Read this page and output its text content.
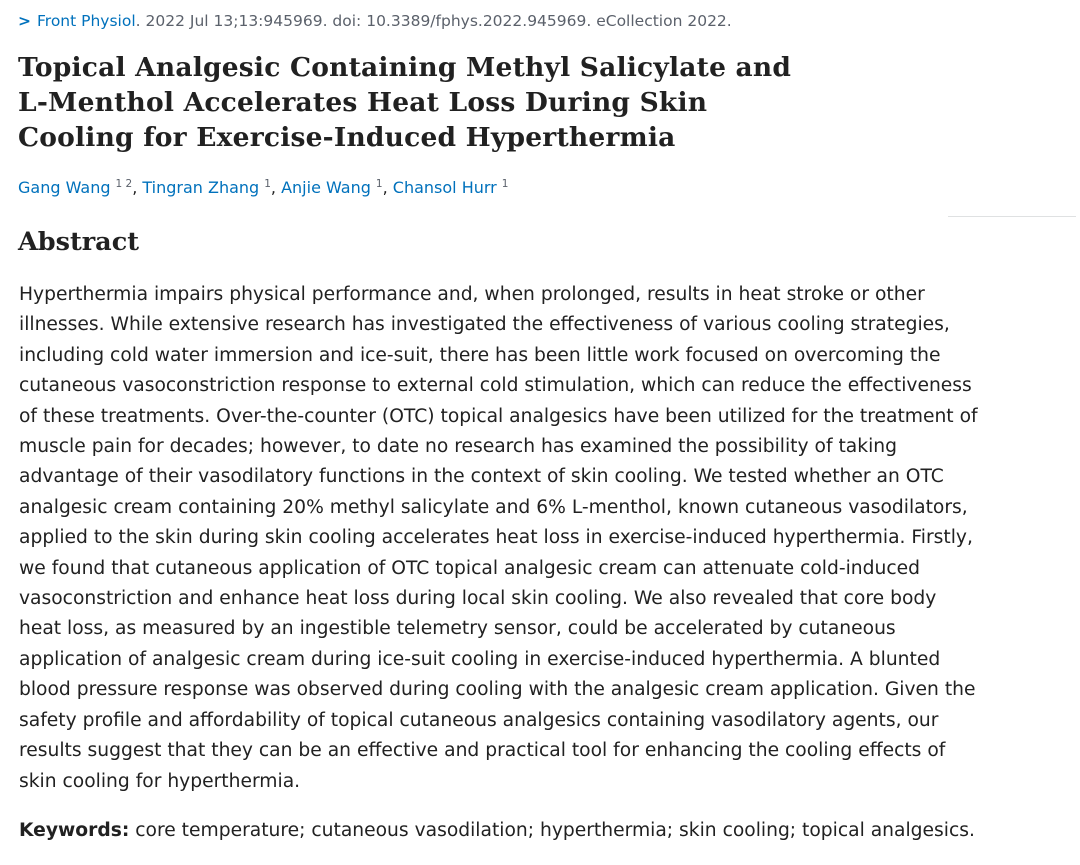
> Front Physiol. 2022 Jul 13;13:945969. doi: 10.3389/fphys.2022.945969. eCollection 2022.
Topical Analgesic Containing Methyl Salicylate and
L-Menthol Accelerates Heat Loss During Skin
Cooling for Exercise-Induced Hyperthermia
Gang Wang $^{1 2}$, Tingran Zhang $^1$, Anjie Wang $^1$, Chansol Hurr $^1$
Abstract

Hyperthermia impairs physical performance and, when prolonged, results in heat stroke or other
illnesses. While extensive research has investigated the effectiveness of various cooling strategies,
including cold water immersion and ice-suit, there has been little work focused on overcoming the
cutaneous vasoconstriction response to external cold stimulation, which can reduce the effectiveness
of these treatments. Over-the-counter (OTC) topical analgesics have been utilized for the treatment of
muscle pain for decades; however, to date no research has examined the possibility of taking
advantage of their vasodilatory functions in the context of skin cooling. We tested whether an OTC
analgesic cream containing 20% methyl salicylate and 6% L-menthol, known cutaneous vasodilators,
applied to the skin during skin cooling accelerates heat loss in exercise-induced hyperthermia. Firstly,
we found that cutaneous application of OTC topical analgesic cream can attenuate cold-induced
vasoconstriction and enhance heat loss during local skin cooling. We also revealed that core body
heat loss, as measured by an ingestible telemetry sensor, could be accelerated by cutaneous
application of analgesic cream during ice-suit cooling in exercise-induced hyperthermia. A blunted
blood pressure response was observed during cooling with the analgesic cream application. Given the
safety profile and affordability of topical cutaneous analgesics containing vasodilatory agents, our
results suggest that they can be an effective and practical tool for enhancing the cooling effects of
skin cooling for hyperthermia.

Keywords: core temperature; cutaneous vasodilation; hyperthermia; skin cooling; topical analgesics.
